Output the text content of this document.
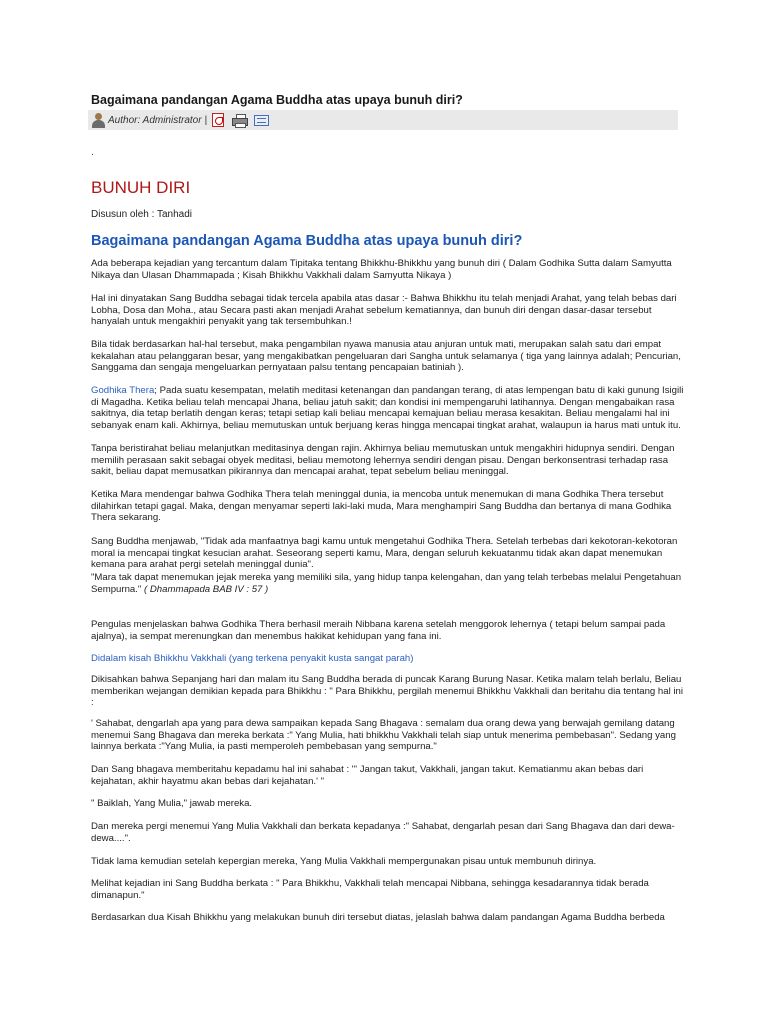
Bagaimana pandangan Agama Buddha atas upaya bunuh diri?
Author: Administrator |
.
BUNUH DIRI
Disusun oleh : Tanhadi
Bagaimana pandangan Agama Buddha atas upaya bunuh diri?

Ada beberapa kejadian yang tercantum dalam Tipitaka tentang Bhikkhu-Bhikkhu yang bunuh diri ( Dalam Godhika Sutta dalam Samyutta Nikaya dan Ulasan Dhammapada ; Kisah Bhikkhu Vakkhali dalam Samyutta Nikaya )

Hal ini dinyatakan Sang Buddha sebagai tidak tercela apabila atas dasar :- Bahwa Bhikkhu itu telah menjadi Arahat, yang telah bebas dari Lobha, Dosa dan Moha., atau Secara pasti akan menjadi Arahat sebelum kematiannya, dan bunuh diri dengan dasar-dasar tersebut hanyalah untuk mengakhiri penyakit yang tak tersembuhkan.!

Bila tidak berdasarkan hal-hal tersebut, maka pengambilan nyawa manusia atau anjuran untuk mati, merupakan salah satu dari empat kekalahan atau pelanggaran besar, yang mengakibatkan pengeluaran dari Sangha untuk selamanya ( tiga yang lainnya adalah; Pencurian, Sanggama dan sengaja mengeluarkan pernyataan palsu tentang pencapaian batiniah ).

Godhika Thera; Pada suatu kesempatan, melatih meditasi ketenangan dan pandangan terang, di atas lempengan batu di kaki gunung Isigili di Magadha. Ketika beliau telah mencapai Jhana, beliau jatuh sakit; dan kondisi ini mempengaruhi latihannya. Dengan mengabaikan rasa sakitnya, dia tetap berlatih dengan keras; tetapi setiap kali beliau mencapai kemajuan beliau merasa kesakitan. Beliau mengalami hal ini sebanyak enam kali. Akhirnya, beliau memutuskan untuk berjuang keras hingga mencapai tingkat arahat, walaupun ia harus mati untuk itu.

Tanpa beristirahat beliau melanjutkan meditasinya dengan rajin. Akhirnya beliau memutuskan untuk mengakhiri hidupnya sendiri. Dengan memilih perasaan sakit sebagai obyek meditasi, beliau memotong lehernya sendiri dengan pisau. Dengan berkonsentrasi terhadap rasa sakit, beliau dapat memusatkan pikirannya dan mencapai arahat, tepat sebelum beliau meninggal.

Ketika Mara mendengar bahwa Godhika Thera telah meninggal dunia, ia mencoba untuk menemukan di mana Godhika Thera tersebut dilahirkan tetapi gagal. Maka, dengan menyamar seperti laki-laki muda, Mara menghampiri Sang Buddha dan bertanya di mana Godhika Thera sekarang.

Sang Buddha menjawab, "Tidak ada manfaatnya bagi kamu untuk mengetahui Godhika Thera. Setelah terbebas dari kekotoran-kekotoran moral ia mencapai tingkat kesucian arahat. Seseorang seperti kamu, Mara, dengan seluruh kekuatanmu tidak akan dapat menemukan kemana para arahat pergi setelah meninggal dunia".

"Mara tak dapat menemukan jejak mereka yang memiliki sila, yang hidup tanpa kelengahan, dan yang telah terbebas melalui Pengetahuan Sempurna." ( Dhammapada BAB IV : 57 )

Pengulas menjelaskan bahwa Godhika Thera berhasil meraih Nibbana karena setelah menggorok lehernya ( tetapi belum sampai pada ajalnya), ia sempat merenungkan dan menembus hakikat kehidupan yang fana ini.

Didalam kisah Bhikkhu Vakkhali (yang terkena penyakit kusta sangat parah)

Dikisahkan bahwa Sepanjang hari dan malam itu Sang Buddha berada di puncak Karang Burung Nasar. Ketika malam telah berlalu, Beliau memberikan wejangan demikian kepada para Bhikkhu : " Para Bhikkhu, pergilah menemui Bhikkhu Vakkhali dan beritahu dia tentang hal ini :

' Sahabat, dengarlah apa yang para dewa sampaikan kepada Sang Bhagava : semalam dua orang dewa yang berwajah gemilang datang menemui Sang Bhagava dan mereka berkata :" Yang Mulia, hati bhikkhu Vakkhali telah siap untuk menerima pembebasan". Sedang yang lainnya berkata :"Yang Mulia, ia pasti memperoleh pembebasan yang sempurna."

Dan Sang bhagava memberitahu kepadamu hal ini sahabat : "' Jangan takut, Vakkhali, jangan takut. Kematianmu akan bebas dari kejahatan, akhir hayatmu akan bebas dari kejahatan.' "

" Baiklah, Yang Mulia," jawab mereka.

Dan mereka pergi menemui Yang Mulia Vakkhali dan berkata kepadanya :" Sahabat, dengarlah pesan dari Sang Bhagava dan dari dewa-dewa....".

Tidak lama kemudian setelah kepergian mereka, Yang Mulia Vakkhali mempergunakan pisau untuk membunuh dirinya.

Melihat kejadian ini Sang Buddha berkata : " Para Bhikkhu, Vakkhali telah mencapai Nibbana, sehingga kesadarannya tidak berada dimanapun."

Berdasarkan dua Kisah Bhikkhu yang melakukan bunuh diri tersebut diatas, jelaslah bahwa dalam pandangan Agama Buddha berbeda
